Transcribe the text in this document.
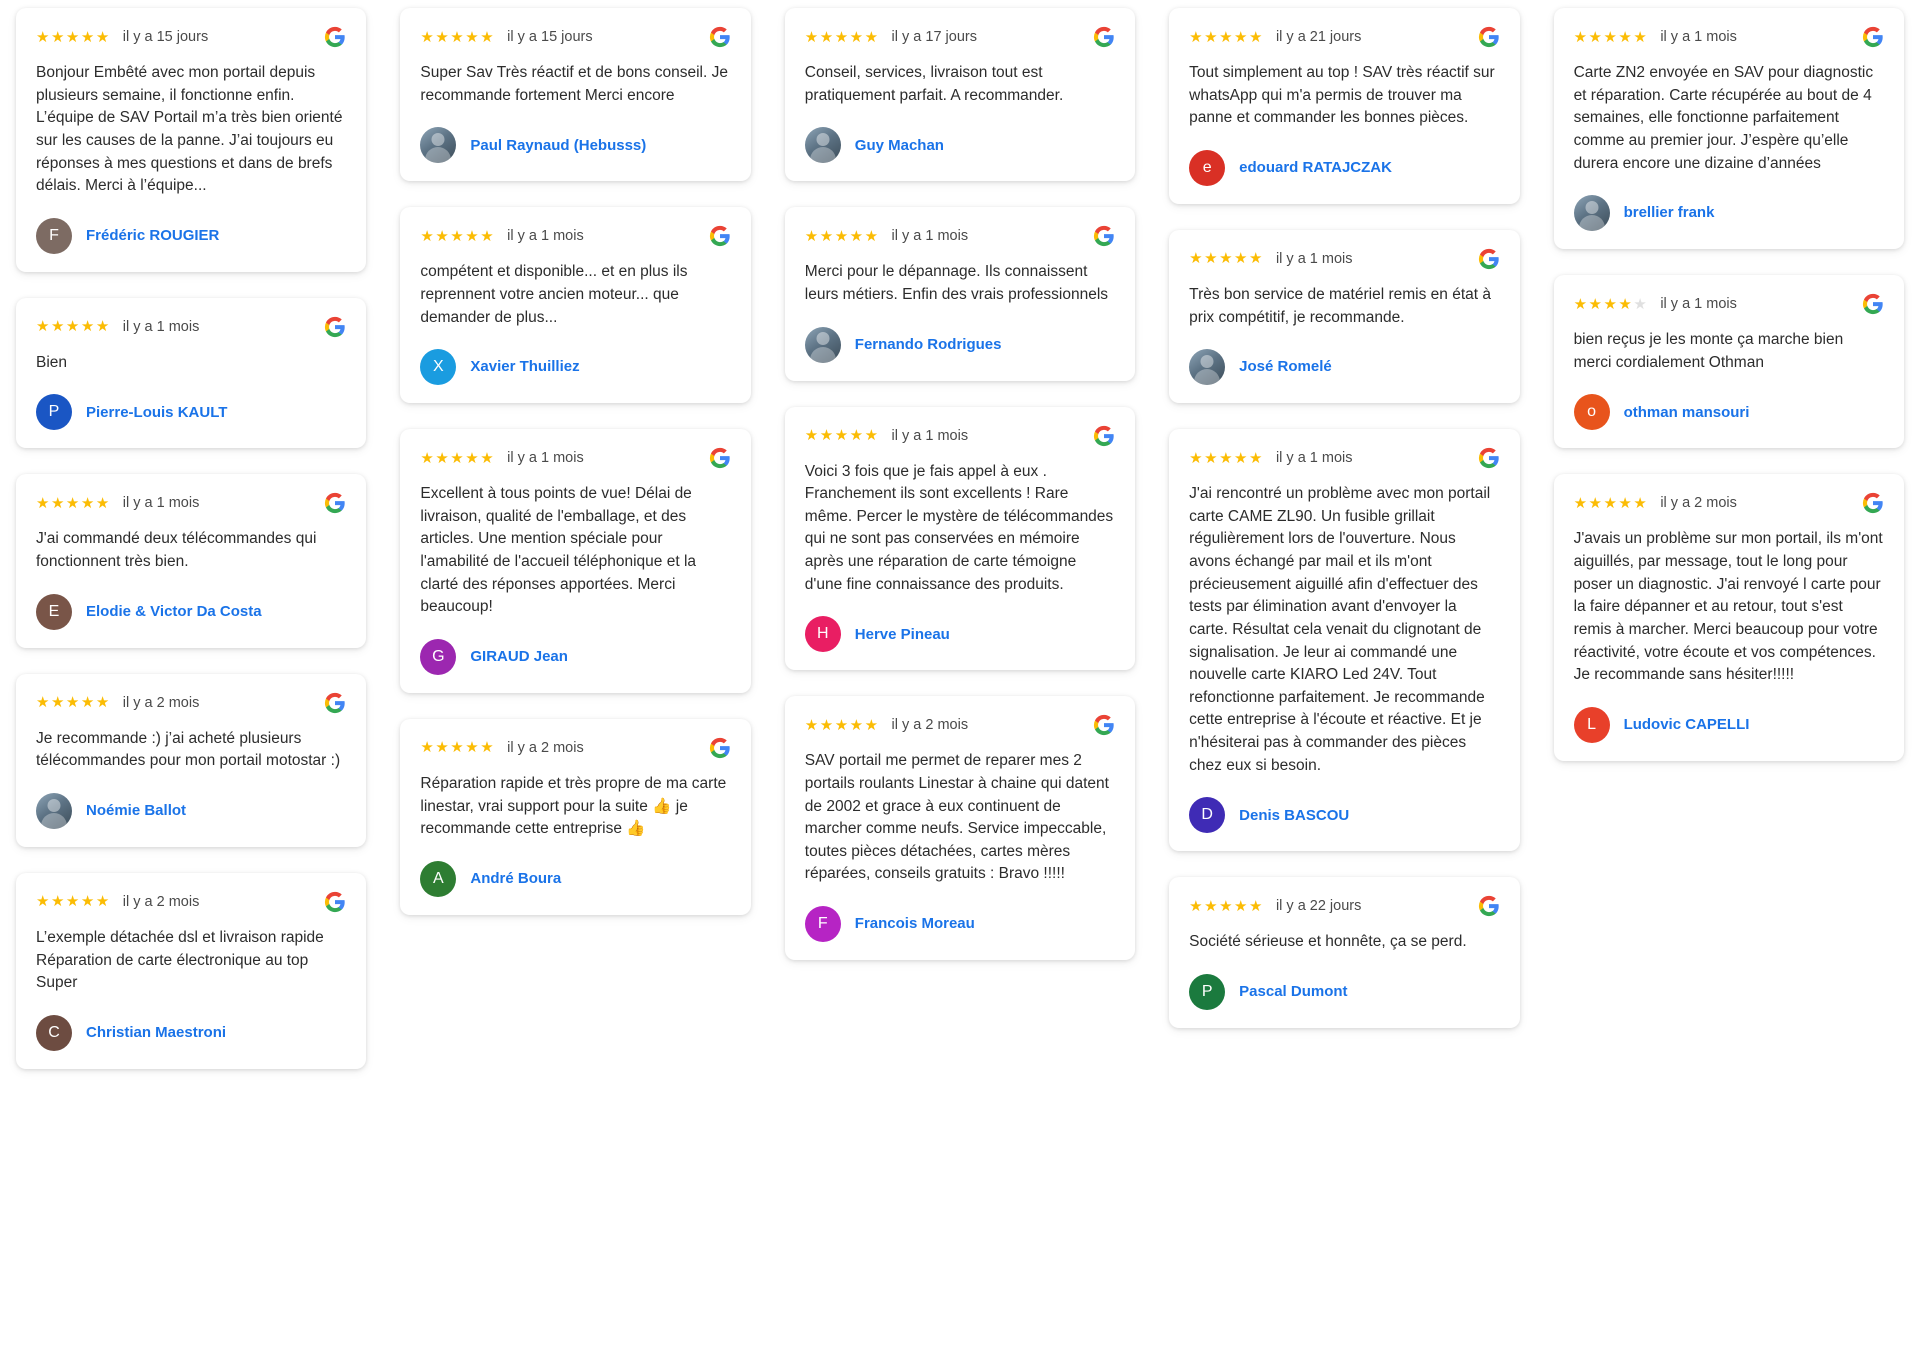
★★★★★ il y a 15 jours

Bonjour Embêté avec mon portail depuis plusieurs semaine, il fonctionne enfin. L’équipe de SAV Portail m’a très bien orienté sur les causes de la panne. J’ai toujours eu réponses à mes questions et dans de brefs délais. Merci à l’équipe...

F	Frédéric ROUGIER
★★★★★ il y a 1 mois

Bien

P	Pierre-Louis KAULT
★★★★★ il y a 1 mois

J'ai commandé deux télécommandes qui fonctionnent très bien.

E	Elodie & Victor Da Costa
★★★★★ il y a 2 mois

Je recommande :) j’ai acheté plusieurs télécommandes pour mon portail motostar :)

Noémie Ballot
★★★★★ il y a 2 mois

L’exemple détachée dsl et livraison rapide Réparation de carte électronique au top Super

C	Christian Maestroni
★★★★★ il y a 15 jours

Super Sav Très réactif et de bons conseil. Je recommande fortement Merci encore

Paul Raynaud (Hebusss)
★★★★★ il y a 1 mois

compétent et disponible... et en plus ils reprennent votre ancien moteur... que demander de plus...

X	Xavier Thuilliez
★★★★★ il y a 1 mois

Excellent à tous points de vue! Délai de livraison, qualité de l'emballage, et des articles. Une mention spéciale pour l'amabilité de l'accueil téléphonique et la clarté des réponses apportées. Merci beaucoup!

G	GIRAUD Jean
★★★★★ il y a 2 mois

Réparation rapide et très propre de ma carte linestar, vrai support pour la suite 👍 je recommande cette entreprise 👍

A	André Boura
★★★★★ il y a 17 jours

Conseil, services, livraison tout est pratiquement parfait. A recommander.

Guy Machan
★★★★★ il y a 1 mois

Merci pour le dépannage. Ils connaissent leurs métiers. Enfin des vrais professionnels

Fernando Rodrigues
★★★★★ il y a 1 mois

Voici 3 fois que je fais appel à eux . Franchement ils sont excellents ! Rare même. Percer le mystère de télécommandes qui ne sont pas conservées en mémoire après une réparation de carte témoigne d'une fine connaissance des produits.

H	Herve Pineau
★★★★★ il y a 2 mois

SAV portail me permet de reparer mes 2 portails roulants Linestar à chaine qui datent de 2002 et grace à eux continuent de marcher comme neufs. Service impeccable, toutes pièces détachées, cartes mères réparées, conseils gratuits : Bravo !!!!!

F	Francois Moreau
★★★★★ il y a 21 jours

Tout simplement au top ! SAV très réactif sur whatsApp qui m'a permis de trouver ma panne et commander les bonnes pièces.

e	edouard RATAJCZAK
★★★★★ il y a 1 mois

Très bon service de matériel remis en état à prix compétitif, je recommande.

José Romelé
★★★★★ il y a 1 mois

J'ai rencontré un problème avec mon portail carte CAME ZL90. Un fusible grillait régulièrement lors de l'ouverture. Nous avons échangé par mail et ils m'ont précieusement aiguillé afin d'effectuer des tests par élimination avant d'envoyer la carte. Résultat cela venait du clignotant de signalisation. Je leur ai commandé une nouvelle carte KIARO Led 24V. Tout refonctionne parfaitement. Je recommande cette entreprise à l'écoute et réactive. Et je n'hésiterai pas à commander des pièces chez eux si besoin.

D	Denis BASCOU
★★★★★ il y a 22 jours

Société sérieuse et honnête, ça se perd.

P	Pascal Dumont
★★★★★ il y a 1 mois

Carte ZN2 envoyée en SAV pour diagnostic et réparation. Carte récupérée au bout de 4 semaines, elle fonctionne parfaitement comme au premier jour. J’espère qu’elle durera encore une dizaine d’années

brellier frank
★★★★★ il y a 1 mois

bien reçus je les monte ça marche bien merci cordialement Othman

o	othman mansouri
★★★★★ il y a 2 mois

J'avais un problème sur mon portail, ils m'ont aiguillés, par message, tout le long pour poser un diagnostic. J'ai renvoyé l carte pour la faire dépanner et au retour, tout s'est remis à marcher. Merci beaucoup pour votre réactivité, votre écoute et vos compétences. Je recommande sans hésiter!!!!!

L	Ludovic CAPELLI
